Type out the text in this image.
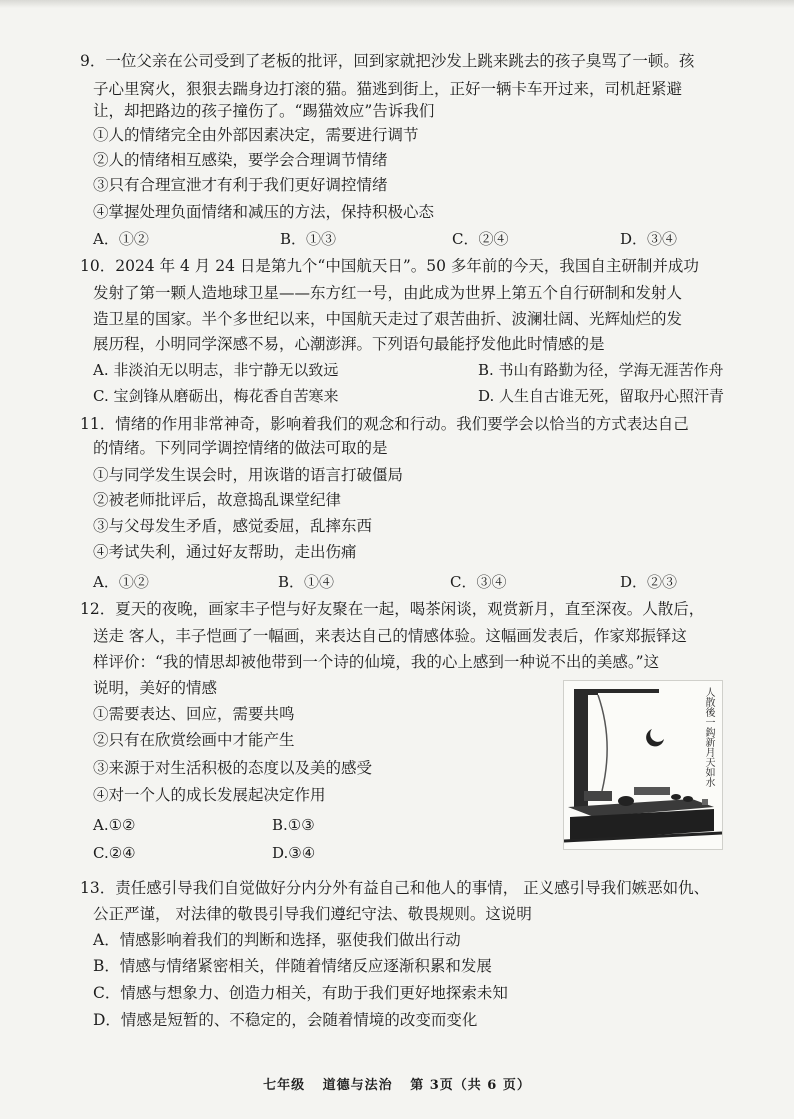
9．一位父亲在公司受到了老板的批评，回到家就把沙发上跳来跳去的孩子臭骂了一顿。孩
子心里窝火，狠狠去踹身边打滚的猫。猫逃到街上，正好一辆卡车开过来，司机赶紧避
让，却把路边的孩子撞伤了。“踢猫效应”告诉我们
①人的情绪完全由外部因素决定，需要进行调节
②人的情绪相互感染，要学会合理调节情绪
③只有合理宣泄才有利于我们更好调控情绪
④掌握处理负面情绪和减压的方法，保持积极心态
A．①②	B．①③	C．②④	D．③④
10．2024 年 4 月 24 日是第九个“中国航天日”。50 多年前的今天，我国自主研制并成功
发射了第一颗人造地球卫星——东方红一号，由此成为世界上第五个自行研制和发射人
造卫星的国家。半个多世纪以来，中国航天走过了艰苦曲折、波澜壮阔、光辉灿烂的发
展历程，小明同学深感不易，心潮澎湃。下列语句最能抒发他此时情感的是
A. 非淡泊无以明志，非宁静无以致远	B. 书山有路勤为径，学海无涯苦作舟
C. 宝剑锋从磨砺出，梅花香自苦寒来	D. 人生自古谁无死，留取丹心照汗青
11．情绪的作用非常神奇，影响着我们的观念和行动。我们要学会以恰当的方式表达自己
的情绪。下列同学调控情绪的做法可取的是
①与同学发生误会时，用诙谐的语言打破僵局
②被老师批评后，故意捣乱课堂纪律
③与父母发生矛盾，感觉委屈，乱摔东西
④考试失利，通过好友帮助，走出伤痛
A．①②	B．①④	C．③④	D．②③
12．夏天的夜晚，画家丰子恺与好友聚在一起，喝茶闲谈，观赏新月，直至深夜。人散后，
送走 客人，丰子恺画了一幅画，来表达自己的情感体验。这幅画发表后，作家郑振铎这
样评价：“我的情思却被他带到一个诗的仙境，我的心上感到一种说不出的美感。”这
说明，美好的情感
①需要表达、回应，需要共鸣
②只有在欣赏绘画中才能产生
③来源于对生活积极的态度以及美的感受
④对一个人的成长发展起决定作用
A.①②	B.①③
C.②④	D.③④
人散後一鈎新月天如水
13．责任感引导我们自觉做好分内分外有益自己和他人的事情， 正义感引导我们嫉恶如仇、
公正严谨， 对法律的敬畏引导我们遵纪守法、敬畏规则。这说明
A．情感影响着我们的判断和选择，驱使我们做出行动
B．情感与情绪紧密相关，伴随着情绪反应逐渐积累和发展
C．情感与想象力、创造力相关，有助于我们更好地探索未知
D．情感是短暂的、不稳定的，会随着情境的改变而变化
七年级 道德与法治 第 3页（共 6 页）
